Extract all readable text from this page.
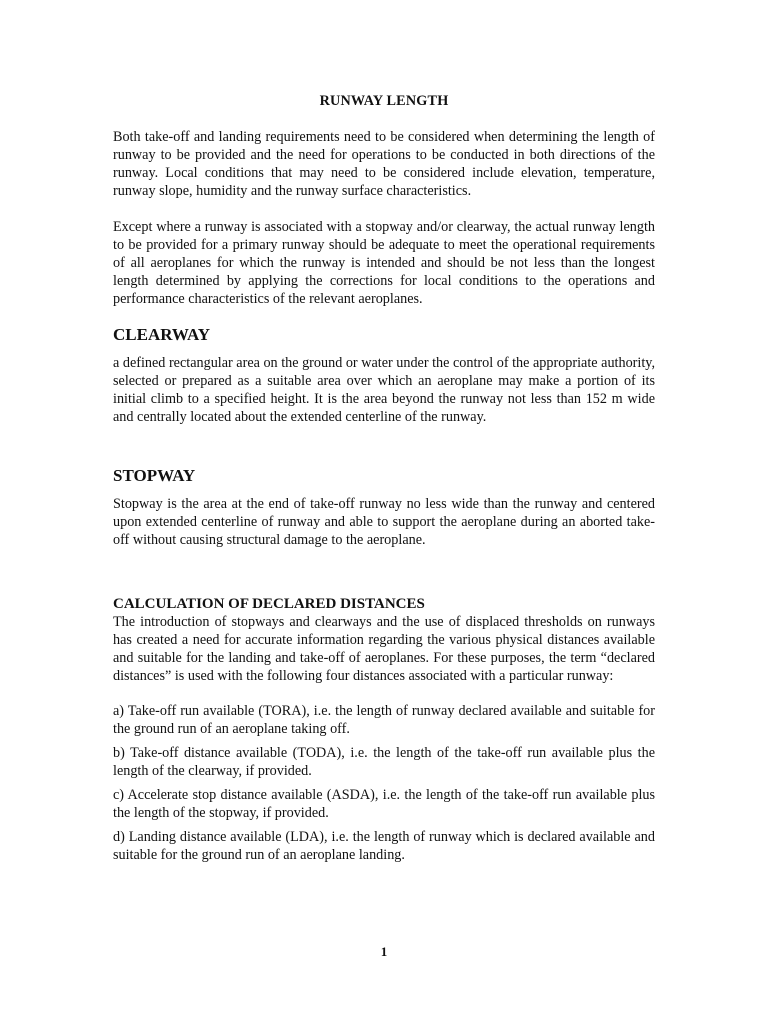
RUNWAY LENGTH

Both take-off and landing requirements need to be considered when determining the length of runway to be provided and the need for operations to be conducted in both directions of the runway. Local conditions that may need to be considered include elevation, temperature, runway slope, humidity and the runway surface characteristics.

Except where a runway is associated with a stopway and/or clearway, the actual runway length to be provided for a primary runway should be adequate to meet the operational requirements of all aeroplanes for which the runway is intended and should be not less than the longest length determined by applying the corrections for local conditions to the operations and performance characteristics of the relevant aeroplanes.

CLEARWAY

a defined rectangular area on the ground or water under the control of the appropriate authority, selected or prepared as a suitable area over which an aeroplane may make a portion of its initial climb to a specified height. It is the area beyond the runway not less than 152 m wide and centrally located about the extended centerline of the runway.

STOPWAY

Stopway is the area at the end of take-off runway no less wide than the runway and centered upon extended centerline of runway and able to support the aeroplane during an aborted take-off without causing structural damage to the aeroplane.

CALCULATION OF DECLARED DISTANCES

The introduction of stopways and clearways and the use of displaced thresholds on runways has created a need for accurate information regarding the various physical distances available and suitable for the landing and take-off of aeroplanes. For these purposes, the term “declared distances” is used with the following four distances associated with a particular runway:

a) Take-off run available (TORA), i.e. the length of runway declared available and suitable for the ground run of an aeroplane taking off.

b) Take-off distance available (TODA), i.e. the length of the take-off run available plus the length of the clearway, if provided.

c) Accelerate stop distance available (ASDA), i.e. the length of the take-off run available plus the length of the stopway, if provided.

d) Landing distance available (LDA), i.e. the length of runway which is declared available and suitable for the ground run of an aeroplane landing.

1
